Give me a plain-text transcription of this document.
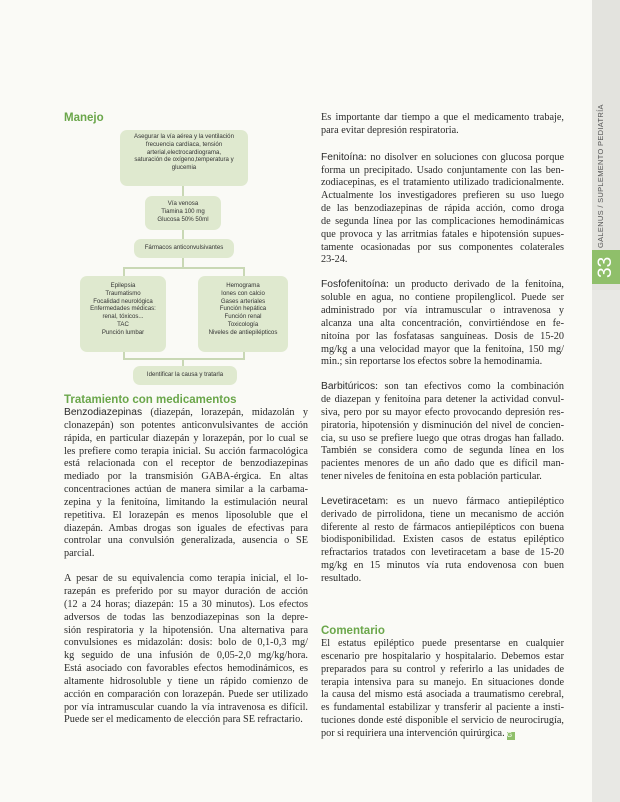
GALENUS / SUPLEMENTO PEDIATRÍA
33
Manejo
Asegurar la vía aérea y la ventilación
frecuencia cardíaca, tensión
arterial,electrocardiograma,
saturación de oxígeno,temperatura y
glucemia
Vía venosa
Tiamina 100 mg
Glucosa 50% 50ml
Fármacos anticonvulsivantes
Epilepsia
Traumatismo
Focalidad neurológica
Enfermedades médicas:
renal, tóxicos...
TAC
Punción lumbar
Hemograma
Iones con calcio
Gases arteriales
Función hepática
Función renal
Toxicología
Niveles de antiepilépticos
Identificar la causa y tratarla
Tratamiento con medicamentos

Benzodiazepinas (diazepán, lorazepán, midazolán y
clonazepán) son potentes anticonvulsivantes de acción
rápida, en particular diazepán y lorazepán, por lo cual se
les prefiere como terapia inicial. Su acción farmacológica
está relacionada con el receptor de benzodiazepinas
mediado por la transmisión GABA-érgica. En altas
concentraciones actúan de manera similar a la carbama-
zepina y la fenitoína, limitando la estimulación neural
repetitiva. El lorazepán es menos liposoluble que el
diazepán. Ambas drogas son iguales de efectivas para
controlar una convulsión generalizada, ausencia o SE
parcial.

A pesar de su equivalencia como terapia inicial, el lo-
razepán es preferido por su mayor duración de acción
(12 a 24 horas; diazepán: 15 a 30 minutos). Los efectos
adversos de todas las benzodiazepinas son la depre-
sión respiratoria y la hipotensión. Una alternativa para
convulsiones es midazolán: dosis: bolo de 0,1-0,3 mg/
kg seguido de una infusión de 0,05-2,0 mg/kg/hora.
Está asociado con favorables efectos hemodinámicos, es
altamente hidrosoluble y tiene un rápido comienzo de
acción en comparación con lorazepán. Puede ser utilizado
por vía intramuscular cuando la vía intravenosa es difícil.
Puede ser el medicamento de elección para SE refractario.

Es importante dar tiempo a que el medicamento trabaje,
para evitar depresión respiratoria.

Fenitoína: no disolver en soluciones con glucosa porque
forma un precipitado. Usado conjuntamente con las ben-
zodiacepinas, es el tratamiento utilizado tradicionalmente.
Actualmente los investigadores prefieren su uso luego
de las benzodiazepinas de rápida acción, como droga
de segunda línea por las complicaciones hemodinámicas
que provoca y las arritmias fatales e hipotensión supues-
tamente ocasionadas por sus componentes colaterales
23-24.

Fosfofenitoína: un producto derivado de la fenitoína,
soluble en agua, no contiene propilenglicol. Puede ser
administrado por vía intramuscular o intravenosa y
alcanza una alta concentración, convirtiéndose en fe-
nitoína por las fosfatasas sanguíneas. Dosis de 15-20
mg/kg a una velocidad mayor que la fenitoína, 150 mg/
min.; sin reportarse los efectos sobre la hemodinamia.

Barbitúricos: son tan efectivos como la combinación
de diazepan y fenitoína para detener la actividad convul-
siva, pero por su mayor efecto provocando depresión res-
piratoria, hipotensión y disminución del nivel de concien-
cia, su uso se prefiere luego que otras drogas han fallado.
También se considera como de segunda línea en los
pacientes menores de un año dado que es difícil man-
tener niveles de fenitoína en esta población particular.

Levetiracetam: es un nuevo fármaco antiepiléptico
derivado de pirrolidona, tiene un mecanismo de acción
diferente al resto de fármacos antiepilépticos con buena
biodisponibilidad. Existen casos de estatus epiléptico
refractarios tratados con levetiracetam a base de 15-20
mg/kg en 15 minutos vía ruta endovenosa con buen
resultado.

Comentario

El estatus epiléptico puede presentarse en cualquier
escenario pre hospitalario y hospitalario. Debemos estar
preparados para su control y referirlo a las unidades de
terapia intensiva para su manejo. En situaciones donde
la causa del mismo está asociada a traumatismo cerebral,
es fundamental estabilizar y transferir al paciente a insti-
tuciones donde esté disponible el servicio de neurocirugía,
por si requiriera una intervención quirúrgica. G
